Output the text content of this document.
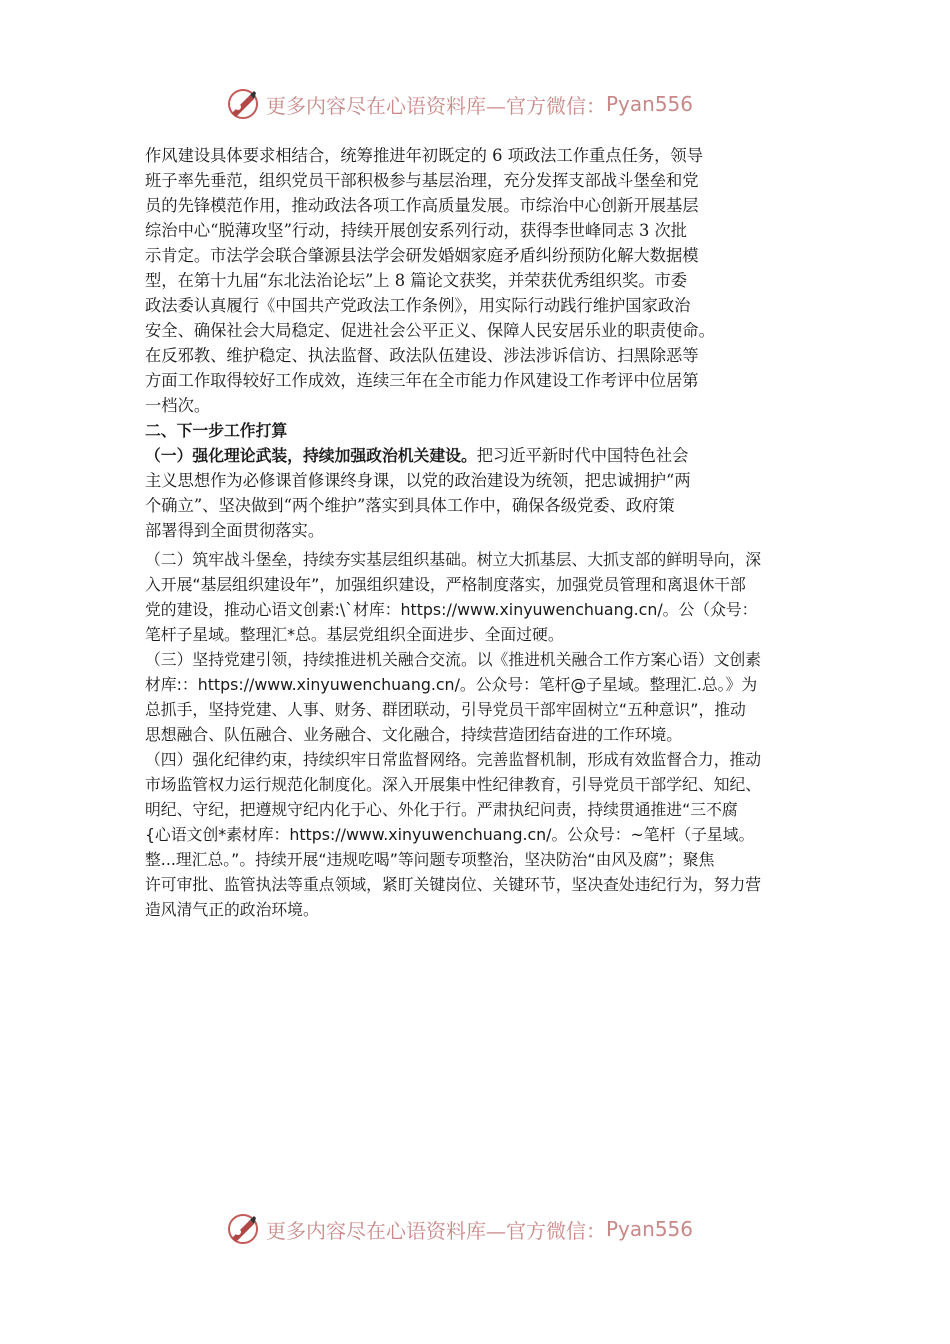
更多内容尽在心语资料库—官方微信： Pyan556
作风建设具体要求相结合，统筹推进年初既定的 6 项政法工作重点任务，领导
班子率先垂范，组织党员干部积极参与基层治理，充分发挥支部战斗堡垒和党
员的先锋模范作用，推动政法各项工作高质量发展。市综治中心创新开展基层
综治中心“脱薄攻坚”行动，持续开展创安系列行动，获得李世峰同志 3 次批
示肯定。市法学会联合肇源县法学会研发婚姻家庭矛盾纠纷预防化解大数据模
型，在第十九届“东北法治论坛”上 8 篇论文获奖，并荣获优秀组织奖。市委
政法委认真履行《中国共产党政法工作条例》，用实际行动践行维护国家政治
安全、确保社会大局稳定、促进社会公平正义、保障人民安居乐业的职责使命。
在反邪教、维护稳定、执法监督、政法队伍建设、涉法涉诉信访、扫黑除恶等
方面工作取得较好工作成效，连续三年在全市能力作风建设工作考评中位居第
一档次。
二、下一步工作打算
（一）强化理论武装，持续加强政治机关建设。把习近平新时代中国特色社会
主义思想作为必修课首修课终身课，以党的政治建设为统领，把忠诚拥护“两
个确立”、坚决做到“两个维护”落实到具体工作中，确保各级党委、政府策
部署得到全面贯彻落实。
（二）筑牢战斗堡垒，持续夯实基层组织基础。树立大抓基层、大抓支部的鲜明导向，深
入开展“基层组织建设年”，加强组织建设，严格制度落实，加强党员管理和离退休干部
党的建设，推动心语文创素:\`材库：https://www.xinyuwenchuang.cn/。公（众号：
笔杆子星域。整理汇*总。基层党组织全面进步、全面过硬。
（三）坚持党建引领，持续推进机关融合交流。以《推进机关融合工作方案心语）文创素
材库:：https://www.xinyuwenchuang.cn/。公众号：笔杆@子星域。整理汇.总。》为
总抓手，坚持党建、人事、财务、群团联动，引导党员干部牢固树立“五种意识”，推动
思想融合、队伍融合、业务融合、文化融合，持续营造团结奋进的工作环境。
（四）强化纪律约束，持续织牢日常监督网络。完善监督机制，形成有效监督合力，推动
市场监管权力运行规范化制度化。深入开展集中性纪律教育，引导党员干部学纪、知纪、
明纪、守纪，把遵规守纪内化于心、外化于行。严肃执纪问责，持续贯通推进“三不腐
{心语文创*素材库：https://www.xinyuwenchuang.cn/。公众号：~笔杆（子星域。
整...理汇总。”。持续开展“违规吃喝”等问题专项整治，坚决防治“由风及腐”；聚焦
许可审批、监管执法等重点领域，紧盯关键岗位、关键环节，坚决查处违纪行为，努力营
造风清气正的政治环境。
更多内容尽在心语资料库—官方微信： Pyan556
